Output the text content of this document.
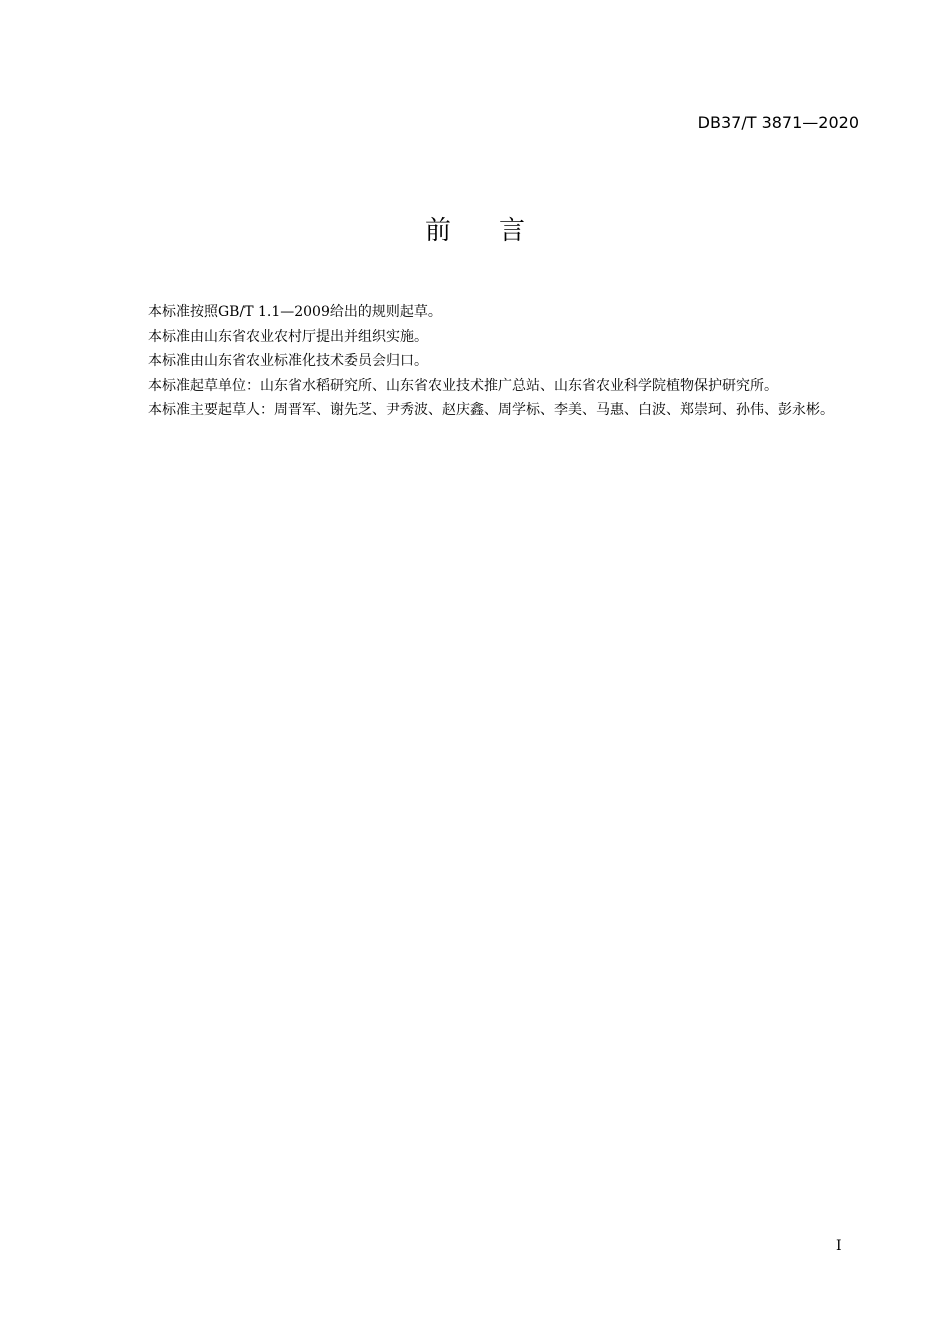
DB37/T 3871—2020
前 言

本标准按照GB/T 1.1—2009给出的规则起草。

本标准由山东省农业农村厅提出并组织实施。

本标准由山东省农业标准化技术委员会归口。

本标准起草单位：山东省水稻研究所、山东省农业技术推广总站、山东省农业科学院植物保护研究所。

本标准主要起草人：周晋军、谢先芝、尹秀波、赵庆鑫、周学标、李美、马惠、白波、郑崇珂、孙伟、彭永彬。

I
